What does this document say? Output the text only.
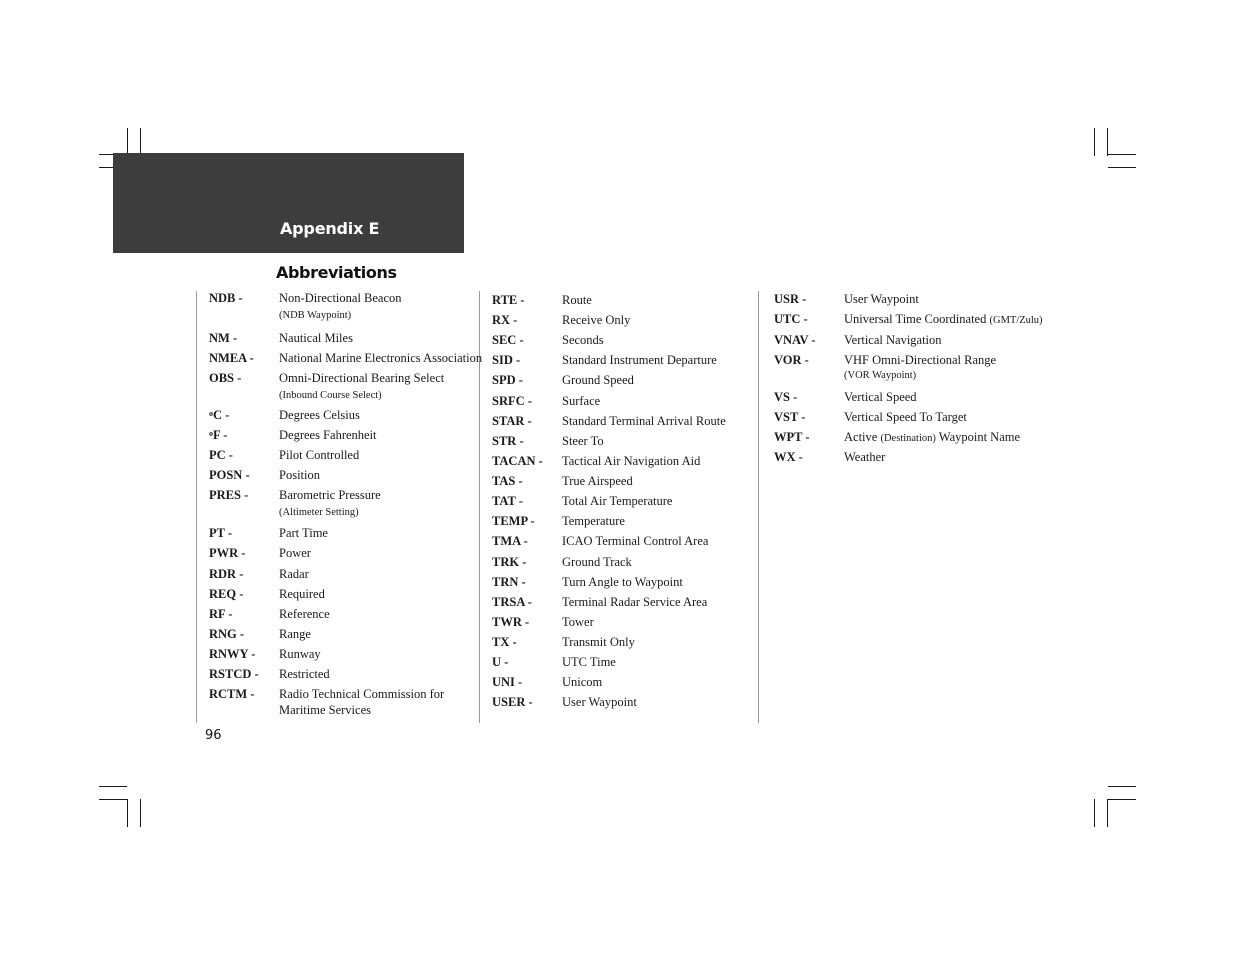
Appendix E
Abbreviations
NDB -	Non-Directional Beacon
(NDB Waypoint)
NM -	Nautical Miles
NMEA - National Marine Electronics Association
OBS -	Omni-Directional Bearing Select
(Inbound Course Select)
$^o$C -	Degrees Celsius
$^o$F -	Degrees Fahrenheit
PC -	Pilot Controlled
POSN - Position
PRES - Barometric Pressure
(Altimeter Setting)
PT -	Part Time
PWR -	Power
RDR -	Radar
REQ -	Required
RF -	Reference
RNG -	Range
RNWY - Runway
RSTCD - Restricted
RCTM - Radio Technical Commission for
Maritime Services
RTE -	Route
RX -	Receive Only
SEC -	Seconds
SID -	Standard Instrument Departure
SPD -	Ground Speed
SRFC - Surface
STAR - Standard Terminal Arrival Route
STR -	Steer To
TACAN - Tactical Air Navigation Aid
TAS -	True Airspeed
TAT -	Total Air Temperature
TEMP - Temperature
TMA -	ICAO Terminal Control Area
TRK -	Ground Track
TRN -	Turn Angle to Waypoint
TRSA - Terminal Radar Service Area
TWR -	Tower
TX -	Transmit Only
U -	UTC Time
UNI -	Unicom
USER - User Waypoint
USR -	User Waypoint
UTC -	Universal Time Coordinated (GMT/Zulu)
VNAV - Vertical Navigation
VOR -	VHF Omni-Directional Range
(VOR Waypoint)
VS -	Vertical Speed
VST -	Vertical Speed To Target
WPT -	Active (Destination) Waypoint Name
WX -	Weather
96
